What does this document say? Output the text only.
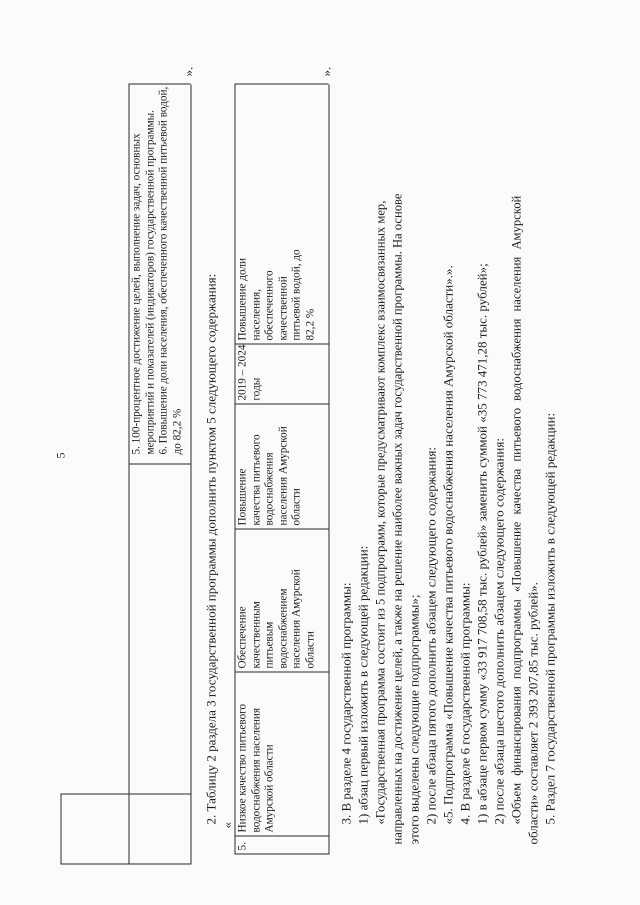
5
5. 100-процентное достижение целей, выполнение задач, основных мероприятий и показателей (индикаторов) государственной программы. 6. Повышение доли населения, обеспеченного качественной питьевой водой, до 82,2 %
».
2. Таблицу 2 раздела 3 государственной программы дополнить пунктом 5 следующего содержания:
«
5.
Низкое качество питьевого водоснабжения населения Амурской области
Обеспечение качественным питьевым водоснабжением населения Амурской области
Повышение качества питьевого водоснабжения населения Амурской области
2019 – 2024 годы
Повышение доли населения, обеспеченного качественной питьевой водой, до 82,2 %
».
3. В разделе 4 государственной программы: 1) абзац первый изложить в следующей редакции: «Государственная программа состоит из 5 подпрограмм, которые предусматривают комплекс взаимосвязанных мер, направленных на достижение целей, а также на решение наиболее важных задач государственной программы. На основе этого выделены следующие подпрограммы»; 2) после абзаца пятого дополнить абзацем следующего содержания: «5. Подпрограмма «Повышение качества питьевого водоснабжения населения Амурской области».». 4. В разделе 6 государственной программы: 1) в абзаце первом сумму «33 917 708,58 тыс. рублей» заменить суммой «35 773 471,28 тыс. рублей»; 2) после абзаца шестого дополнить абзацем следующего содержания: «Объем финансирования подпрограммы «Повышение качества питьевого водоснабжения населения Амурской области» составляет 2 393 207,85 тыс. рублей». 5. Раздел 7 государственной программы изложить в следующей редакции:
